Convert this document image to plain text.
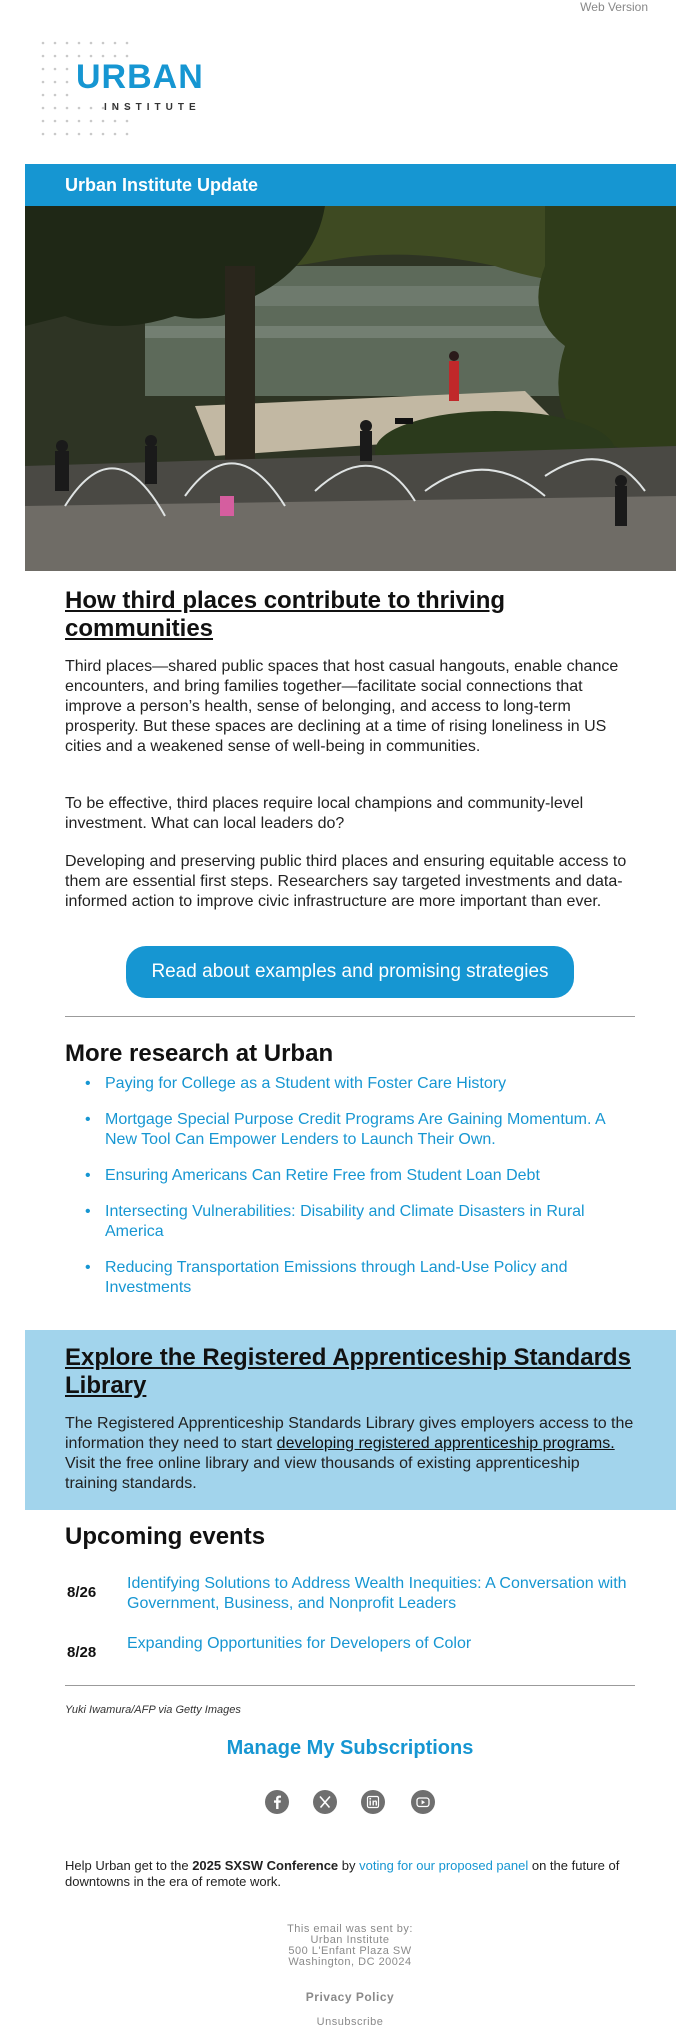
Web Version
URBAN
INSTITUTE
Urban Institute Update
How third places contribute to thriving communities

Third places—shared public spaces that host casual hangouts, enable chance encounters, and bring families together—facilitate social connections that improve a person’s health, sense of belonging, and access to long-term prosperity. But these spaces are declining at a time of rising loneliness in US cities and a weakened sense of well-being in communities.

To be effective, third places require local champions and community-level investment. What can local leaders do?

Developing and preserving public third places and ensuring equitable access to them are essential first steps. Researchers say targeted investments and data-informed action to improve civic infrastructure are more important than ever.

Read about examples and promising strategies
More research at Urban
• Paying for College as a Student with Foster Care History
• Mortgage Special Purpose Credit Programs Are Gaining Momentum. A New Tool Can Empower Lenders to Launch Their Own.
• Ensuring Americans Can Retire Free from Student Loan Debt
• Intersecting Vulnerabilities: Disability and Climate Disasters in Rural America
• Reducing Transportation Emissions through Land-Use Policy and Investments
Explore the Registered Apprenticeship Standards Library

The Registered Apprenticeship Standards Library gives employers access to the information they need to start developing registered apprenticeship programs. Visit the free online library and view thousands of existing apprenticeship training standards.

Upcoming events
8/26
Identifying Solutions to Address Wealth Inequities: A Conversation with Government, Business, and Nonprofit Leaders
8/28
Expanding Opportunities for Developers of Color
Yuki Iwamura/AFP via Getty Images
Manage My Subscriptions
Help Urban get to the 2025 SXSW Conference by voting for our proposed panel on the future of downtowns in the era of remote work.
This email was sent by:
Urban Institute
500 L'Enfant Plaza SW
Washington, DC 20024
Privacy Policy
Unsubscribe
